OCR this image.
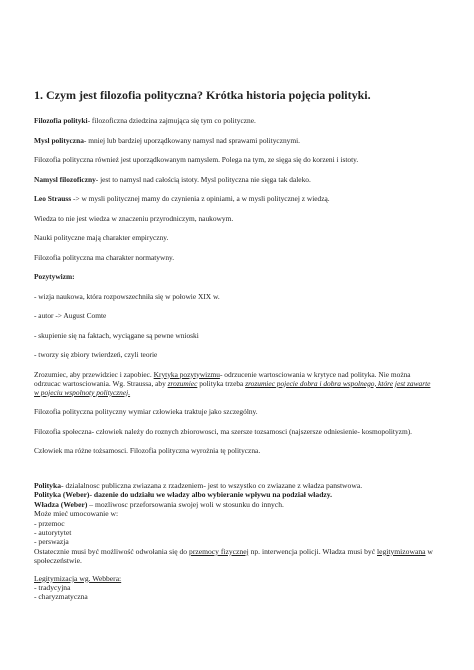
1. Czym jest filozofia polityczna? Krótka historia pojęcia polityki.

Filozofia polityki- filozoficzna dziedzina zajmująca się tym co polityczne.

Mysl polityczna- mniej lub bardziej uporządkowany namysl nad sprawami politycznymi.

Filozofia polityczna również jest uporządkowanym namyslem. Polega na tym, ze sięga się do korzeni i istoty.

Namysl filozoficzny- jest to namysl nad całością istoty. Mysl polityczna nie sięga tak daleko.

Leo Strauss -> w mysli politycznej mamy do czynienia z opiniami, a w mysli politycznej z wiedzą.

Wiedza to nie jest wiedza w znaczeniu przyrodniczym, naukowym.

Nauki polityczne mają charakter empiryczny.

Filozofia polityczna ma charakter normatywny.

Pozytywizm:

- wizja naukowa, która rozpowszechniła się w połowie XIX w.

- autor -> August Comte

- skupienie się na faktach, wyciągane są pewne wnioski

- tworzy się zbiory twierdzeń, czyli teorie

Zrozumiec, aby przewidziec i zapobiec. Krytyka pozytywizmu- odrzucenie wartosciowania w krytyce nad polityka. Nie można odrzucac wartosciowania. Wg. Straussa, aby zrozumiec polityka trzeba zrozumiec pojecie dobra i dobra wspolnego, które jest zawarte w pojeciu wspolnoty politycznej.

Filozofia polityczna polityczny wymiar człowieka traktuje jako szczególny.

Filozofia społeczna- człowiek należy do roznych zbiorowosci, ma szersze tozsamosci (najszersze odniesienie- kosmopolityzm).

Człowiek ma różne tożsamosci. Filozofia polityczna wyrożnia tę polityczna.

Polityka- dzialalnosc publiczna zwiazana z rzadzeniem- jest to wszystko co zwiazane z władza panstwowa.

Polityka (Weber)- dazenie do udziału we władzy albo wybieranie wpływu na podział władzy.

Władza (Weber) – mozliwosc przeforsowania swojej woli w stosunku do innych.

Może mieć umocowanie w:

- przemoc

- autorytytet

- perswazja

Ostatecznie musi być możliwość odwołania się do przemocy fizycznej np. interwencja policji. Władza musi być legitymizowana w społeczeństwie.

Legitymizacja wg. Webbera:

- tradycyjna

- charyzmatyczna
